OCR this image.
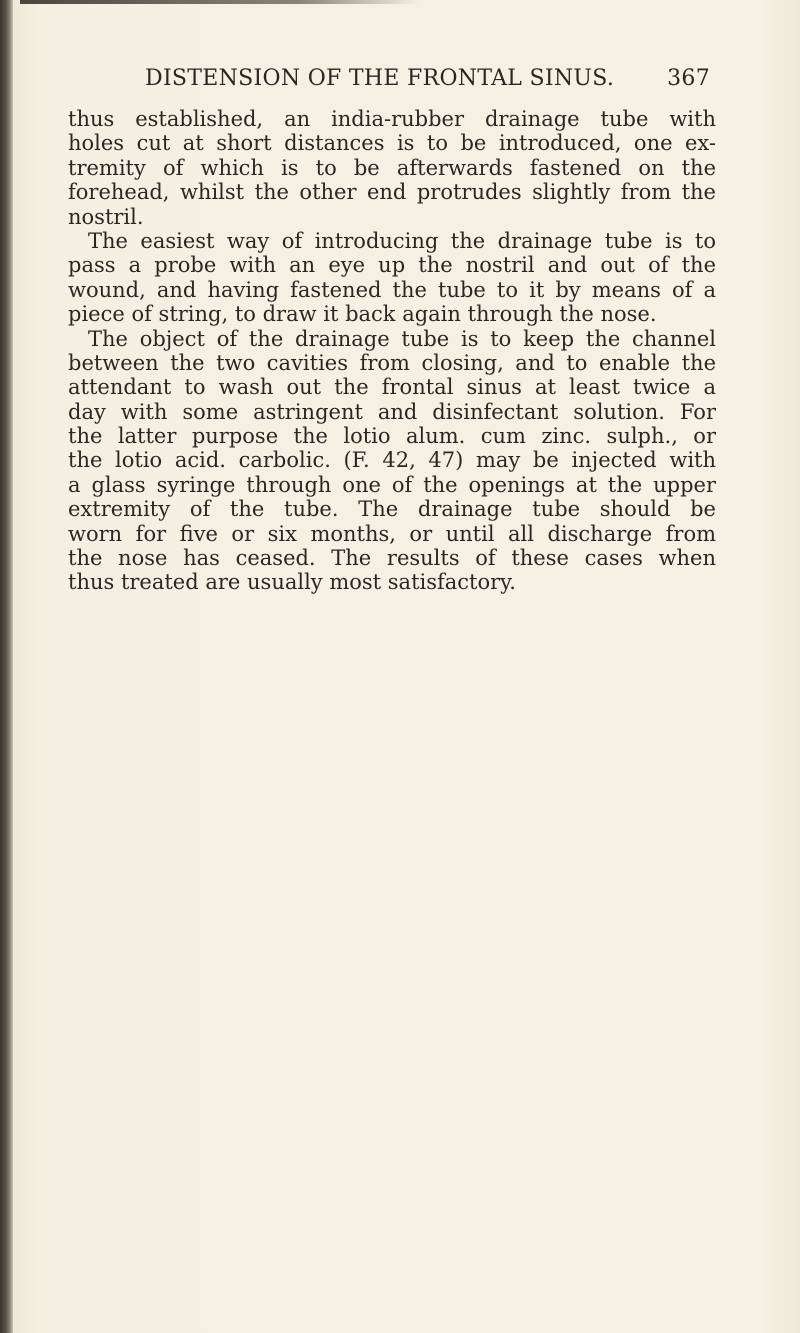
DISTENSION OF THE FRONTAL SINUS. 367
thus established, an india-rubber drainage tube with
holes cut at short distances is to be introduced, one ex-
tremity of which is to be afterwards fastened on the
forehead, whilst the other end protrudes slightly from the
nostril.
The easiest way of introducing the drainage tube is to
pass a probe with an eye up the nostril and out of the
wound, and having fastened the tube to it by means of a
piece of string, to draw it back again through the nose.
The object of the drainage tube is to keep the channel
between the two cavities from closing, and to enable the
attendant to wash out the frontal sinus at least twice a
day with some astringent and disinfectant solution. For
the latter purpose the lotio alum. cum zinc. sulph., or
the lotio acid. carbolic. (F. 42, 47) may be injected with
a glass syringe through one of the openings at the upper
extremity of the tube. The drainage tube should be
worn for five or six months, or until all discharge from
the nose has ceased. The results of these cases when
thus treated are usually most satisfactory.
